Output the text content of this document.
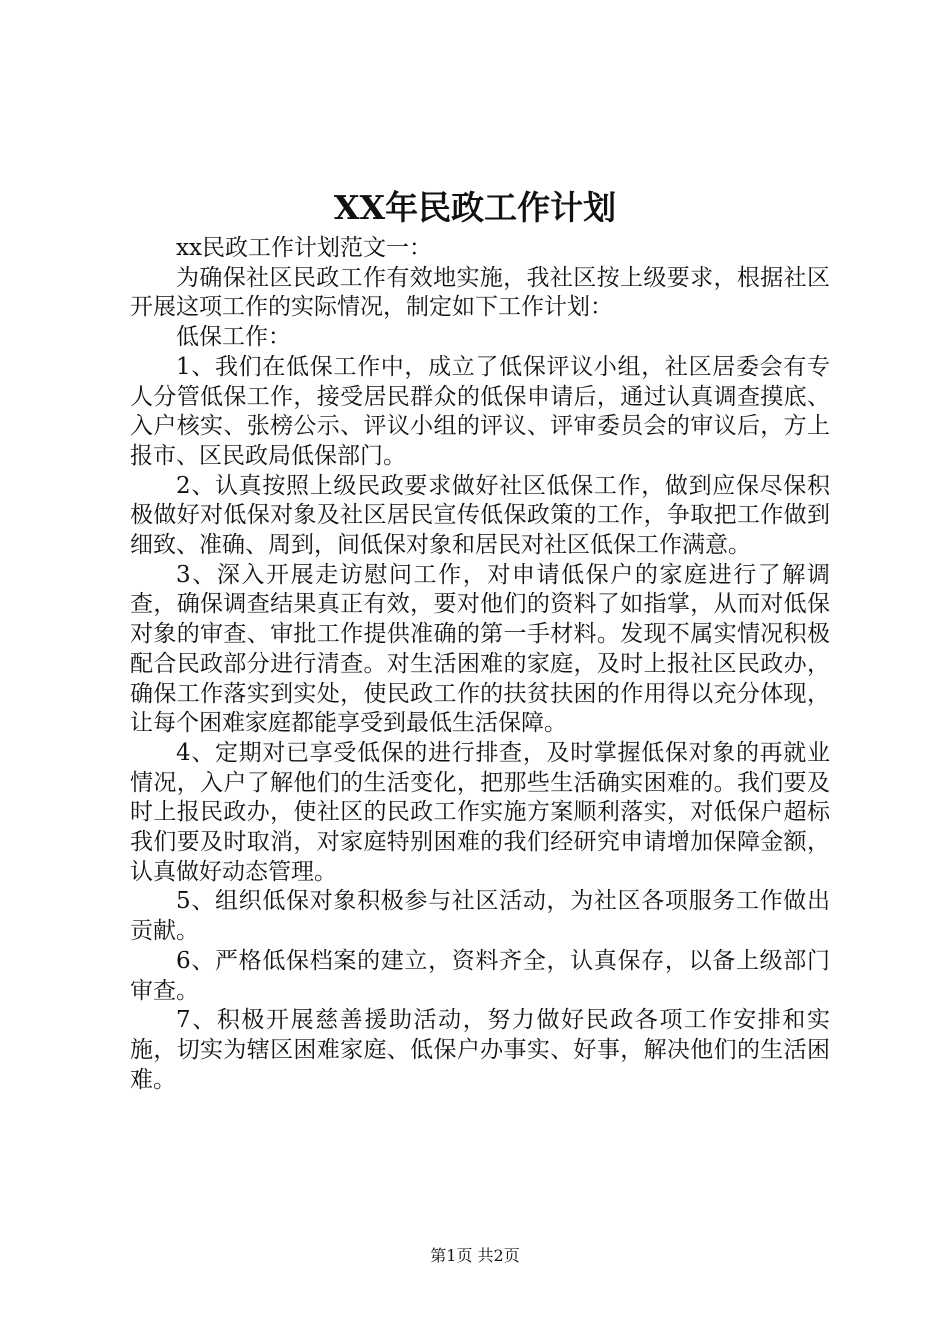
XX年民政工作计划

xx民政工作计划范文一：

为确保社区民政工作有效地实施，我社区按上级要求，根据社区开展这项工作的实际情况，制定如下工作计划：

低保工作：

1、我们在低保工作中，成立了低保评议小组，社区居委会有专人分管低保工作，接受居民群众的低保申请后，通过认真调查摸底、入户核实、张榜公示、评议小组的评议、评审委员会的审议后，方上报市、区民政局低保部门。

2、认真按照上级民政要求做好社区低保工作，做到应保尽保积极做好对低保对象及社区居民宣传低保政策的工作，争取把工作做到细致、准确、周到，间低保对象和居民对社区低保工作满意。

3、深入开展走访慰问工作，对申请低保户的家庭进行了解调查，确保调查结果真正有效，要对他们的资料了如指掌，从而对低保对象的审查、审批工作提供准确的第一手材料。发现不属实情况积极配合民政部分进行清查。对生活困难的家庭，及时上报社区民政办，确保工作落实到实处，使民政工作的扶贫扶困的作用得以充分体现，让每个困难家庭都能享受到最低生活保障。

4、定期对已享受低保的进行排查，及时掌握低保对象的再就业情况，入户了解他们的生活变化，把那些生活确实困难的。我们要及时上报民政办，使社区的民政工作实施方案顺利落实，对低保户超标我们要及时取消，对家庭特别困难的我们经研究申请增加保障金额，认真做好动态管理。

5、组织低保对象积极参与社区活动，为社区各项服务工作做出贡献。

6、严格低保档案的建立，资料齐全，认真保存，以备上级部门审查。

7、积极开展慈善援助活动，努力做好民政各项工作安排和实施，切实为辖区困难家庭、低保户办事实、好事，解决他们的生活困难。

第1页 共2页
